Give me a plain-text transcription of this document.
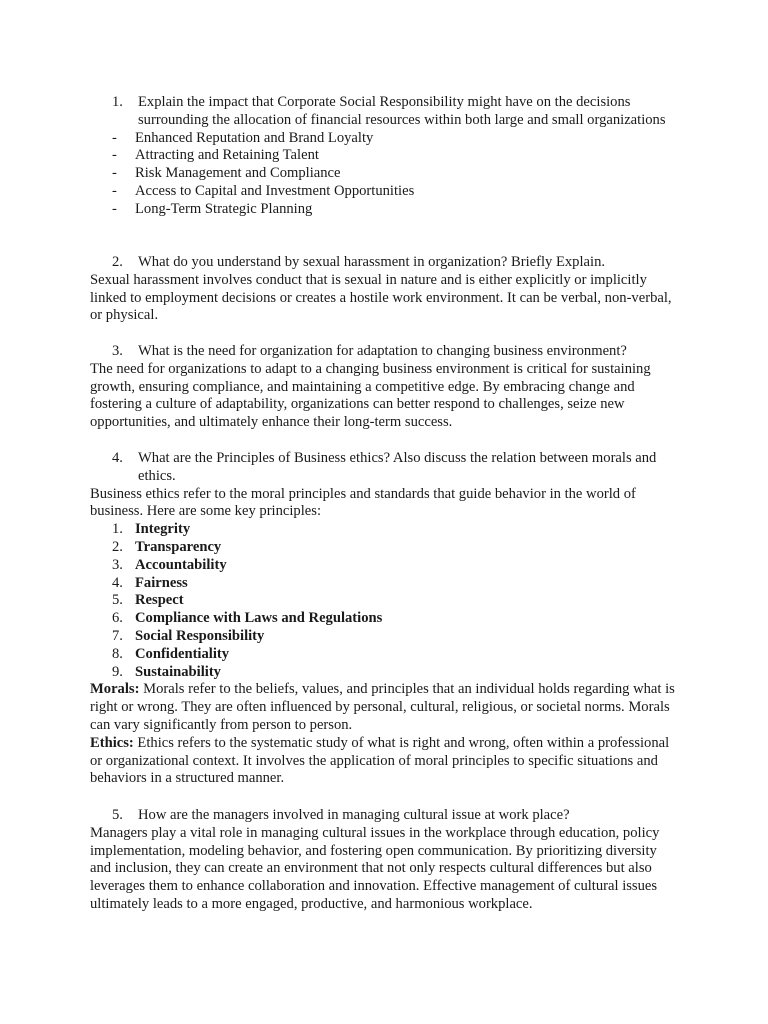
1. Explain the impact that Corporate Social Responsibility might have on the decisions surrounding the allocation of financial resources within both large and small organizations
- Enhanced Reputation and Brand Loyalty
- Attracting and Retaining Talent
- Risk Management and Compliance
- Access to Capital and Investment Opportunities
- Long-Term Strategic Planning
2. What do you understand by sexual harassment in organization? Briefly Explain.

Sexual harassment involves conduct that is sexual in nature and is either explicitly or implicitly linked to employment decisions or creates a hostile work environment. It can be verbal, non-verbal, or physical.

3. What is the need for organization for adaptation to changing business environment?

The need for organizations to adapt to a changing business environment is critical for sustaining growth, ensuring compliance, and maintaining a competitive edge. By embracing change and fostering a culture of adaptability, organizations can better respond to challenges, seize new opportunities, and ultimately enhance their long-term success.

4. What are the Principles of Business ethics? Also discuss the relation between morals and ethics.

Business ethics refer to the moral principles and standards that guide behavior in the world of business. Here are some key principles:

1. Integrity
2. Transparency
3. Accountability
4. Fairness
5. Respect
6. Compliance with Laws and Regulations
7. Social Responsibility
8. Confidentiality
9. Sustainability

Morals: Morals refer to the beliefs, values, and principles that an individual holds regarding what is right or wrong. They are often influenced by personal, cultural, religious, or societal norms. Morals can vary significantly from person to person.

Ethics: Ethics refers to the systematic study of what is right and wrong, often within a professional or organizational context. It involves the application of moral principles to specific situations and behaviors in a structured manner.

5. How are the managers involved in managing cultural issue at work place?

Managers play a vital role in managing cultural issues in the workplace through education, policy implementation, modeling behavior, and fostering open communication. By prioritizing diversity and inclusion, they can create an environment that not only respects cultural differences but also leverages them to enhance collaboration and innovation. Effective management of cultural issues ultimately leads to a more engaged, productive, and harmonious workplace.
